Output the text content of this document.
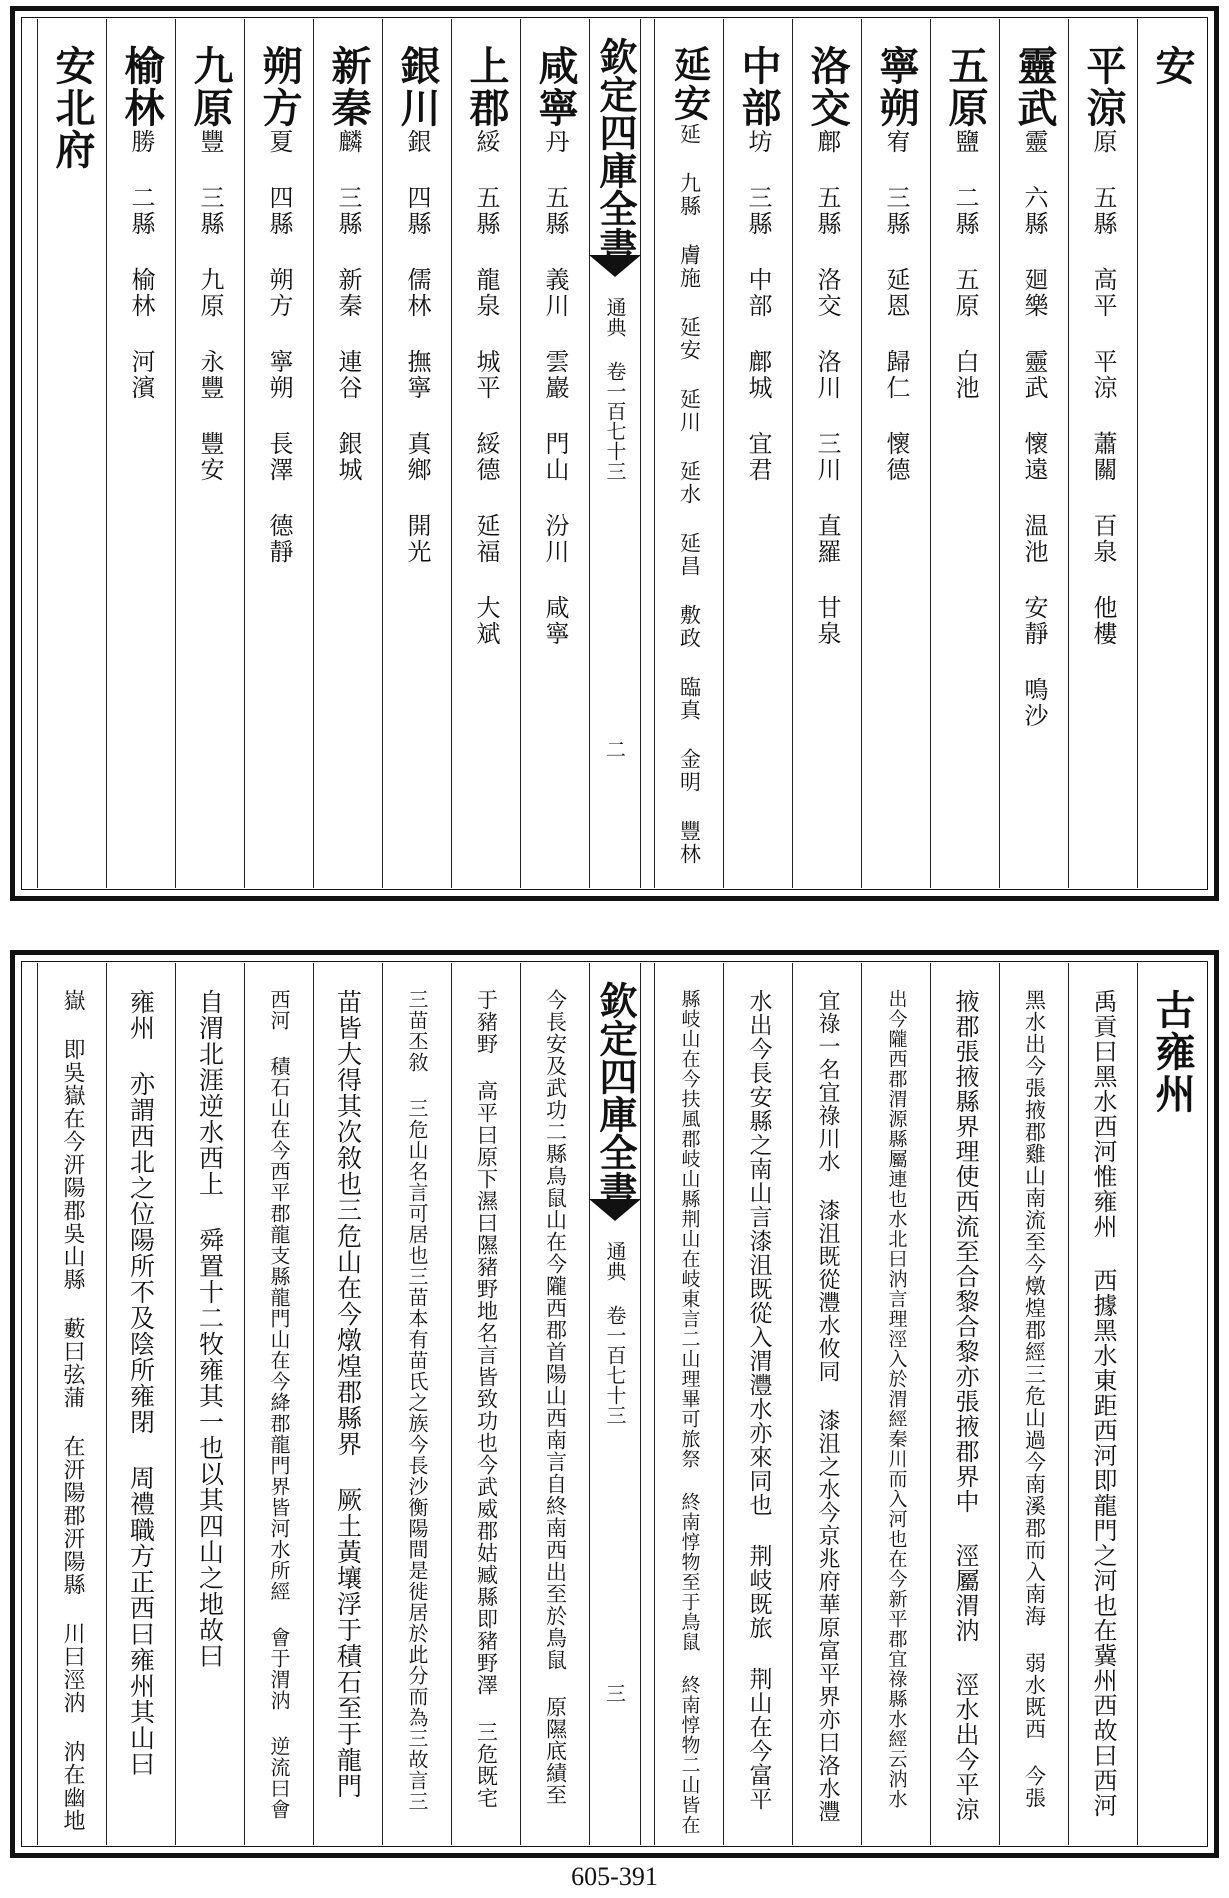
安
平涼原 五縣 高平 平涼 蕭關 百泉 他樓
靈武靈 六縣 廻樂 靈武 懷遠 温池 安靜 鳴沙
五原鹽 二縣 五原 白池
寧朔宥 三縣 延恩 歸仁 懷德
洛交鄜 五縣 洛交 洛川 三川 直羅 甘泉
中部坊 三縣 中部 鄜城 宜君
延安延 九縣 膚施 延安 延川 延水 延昌 敷政 臨真 金明 豐林
咸寧丹 五縣 義川 雲巖 門山 汾川 咸寧
上郡綏 五縣 龍泉 城平 綏德 延福 大斌
銀川銀 四縣 儒林 撫寧 真鄉 開光
新秦麟 三縣 新秦 連谷 銀城
朔方夏 四縣 朔方 寧朔 長澤 德靜
九原豐 三縣 九原 永豐 豐安
榆林勝 二縣 榆林 河濱
安北府	欽定四庫全書
通典 卷一百七十三
二
古雍州
禹貢曰黑水西河惟雍州 西據黑水東距西河即龍門之河也在冀州西故曰西河
黑水出今張掖郡雞山南流至今燉煌郡經三危山過今南溪郡而入南海 弱水既西 今張
掖郡張掖縣界理使西流至合黎合黎亦張掖郡界中 涇屬渭汭 涇水出今平涼
出今隴西郡渭源縣屬連也水北曰汭言理涇入於渭經秦川而入河也在今新平郡宜祿縣水經云汭水
宜祿一名宜祿川水 漆沮既從灃水攸同 漆沮之水今京兆府華原富平界亦曰洛水灃
水出今長安縣之南山言漆沮既從入渭灃水亦來同也 荆岐既旅 荆山在今富平
縣岐山在今扶風郡岐山縣荆山在岐東言二山理畢可旅祭 終南惇物至于鳥鼠 終南惇物二山皆在
今長安及武功二縣鳥鼠山在今隴西郡首陽山西南言自終南西出至於鳥鼠 原隰底績至
于豬野 高平曰原下濕曰隰豬野地名言皆致功也今武威郡姑臧縣即豬野澤 三危既宅
三苗丕敘 三危山名言可居也三苗本有苗氏之族今長沙衡陽間是徙居於此分而為三故言三
苗皆大得其次敘也三危山在今燉煌郡縣界 厥土黃壤浮于積石至于龍門
西河 積石山在今西平郡龍支縣龍門山在今絳郡龍門界皆河水所經 會于渭汭 逆流曰會
自渭北涯逆水西上 舜置十二牧雍其一也以其四山之地故曰
雍州 亦謂西北之位陽所不及陰所雍閉 周禮職方正西曰雍州其山曰
嶽 即吳嶽在今汧陽郡吳山縣 藪曰弦蒲 在汧陽郡汧陽縣 川曰涇汭 汭在幽地	欽定四庫全書
通典 卷一百七十三
三
605-391
